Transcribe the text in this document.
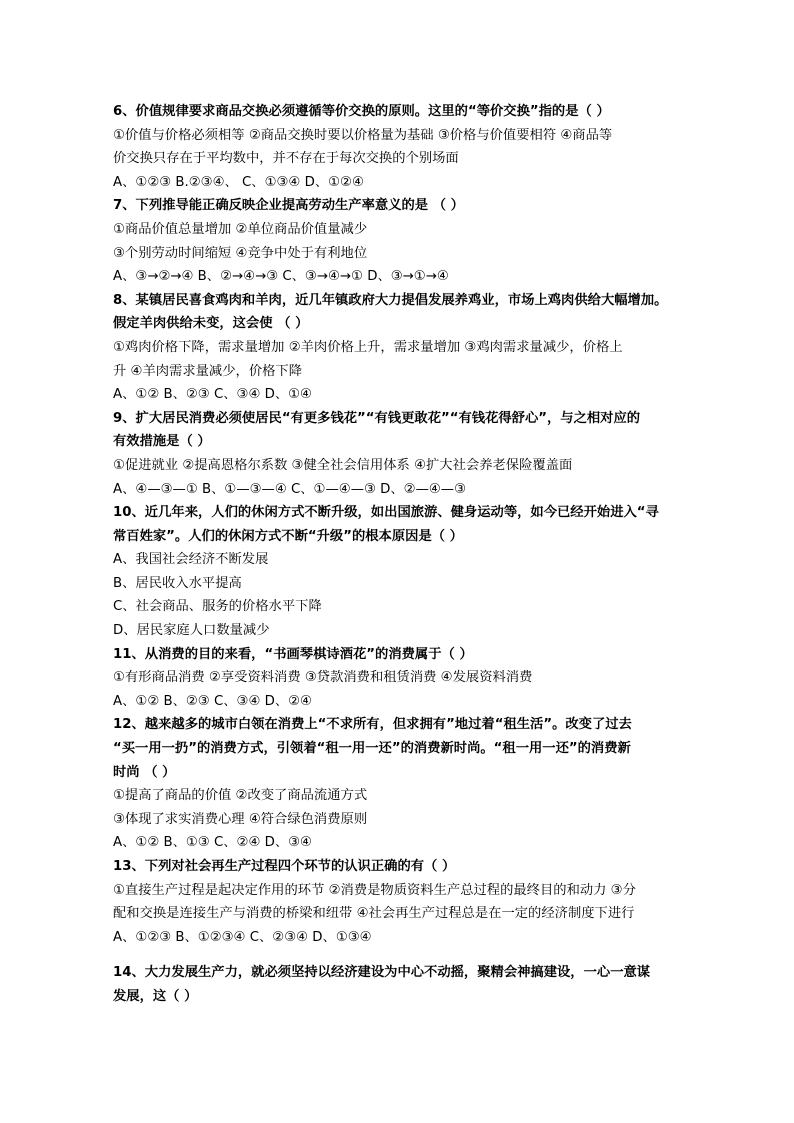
6、价值规律要求商品交换必须遵循等价交换的原则。这里的“等价交换”指的是（ ）
①价值与价格必须相等 ②商品交换时要以价格量为基础 ③价格与价值要相符 ④商品等
价交换只存在于平均数中，并不存在于每次交换的个别场面
A、①②③ B.②③④、 C、①③④ D、①②④
7、下列推导能正确反映企业提高劳动生产率意义的是 （ ）
①商品价值总量增加 ②单位商品价值量减少
③个别劳动时间缩短 ④竞争中处于有利地位
A、③→②→④ B、②→④→③ C、③→④→① D、③→①→④
8、某镇居民喜食鸡肉和羊肉，近几年镇政府大力提倡发展养鸡业，市场上鸡肉供给大幅增加。
假定羊肉供给未变，这会使 （ ）
①鸡肉价格下降，需求量增加 ②羊肉价格上升，需求量增加 ③鸡肉需求量减少，价格上
升 ④羊肉需求量减少，价格下降
A、①② B、②③ C、③④ D、①④
9、扩大居民消费必须使居民“有更多钱花”“有钱更敢花”“有钱花得舒心”，与之相对应的
有效措施是（ ）
①促进就业 ②提高恩格尔系数 ③健全社会信用体系 ④扩大社会养老保险覆盖面
A、④—③—① B、①—③—④ C、①—④—③ D、②—④—③
10、近几年来，人们的休闲方式不断升级，如出国旅游、健身运动等，如今已经开始进入“寻
常百姓家”。人们的休闲方式不断“升级”的根本原因是（ ）
A、我国社会经济不断发展
B、居民收入水平提高
C、社会商品、服务的价格水平下降
D、居民家庭人口数量减少
11、从消费的目的来看，“书画琴棋诗酒花”的消费属于（ ）
①有形商品消费 ②享受资料消费 ③贷款消费和租赁消费 ④发展资料消费
A、①② B、②③ C、③④ D、②④
12、越来越多的城市白领在消费上“不求所有，但求拥有”地过着“租生活”。改变了过去
“买一用一扔”的消费方式，引领着“租一用一还”的消费新时尚。“租一用一还”的消费新
时尚 （ ）
①提高了商品的价值 ②改变了商品流通方式
③体现了求实消费心理 ④符合绿色消费原则
A、①② B、①③ C、②④ D、③④
13、下列对社会再生产过程四个环节的认识正确的有（ ）
①直接生产过程是起决定作用的环节 ②消费是物质资料生产总过程的最终目的和动力 ③分
配和交换是连接生产与消费的桥梁和纽带 ④社会再生产过程总是在一定的经济制度下进行
A、①②③ B、①②③④ C、②③④ D、①③④
14、大力发展生产力，就必须坚持以经济建设为中心不动摇，聚精会神搞建设，一心一意谋
发展，这（ ）
